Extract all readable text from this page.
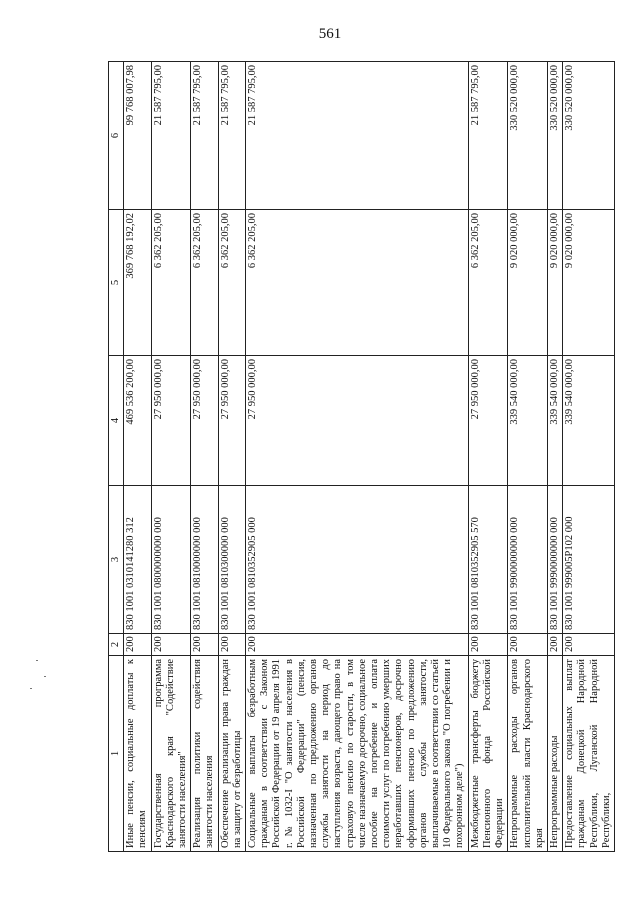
561
1	2	3	4	5	6
Иные пенсии, социальные доплаты к пенсиям	200	830 1001 0310141280 312	469 536 200,00	369 768 192,02	99 768 007,98
Государственная программа Краснодарского края "Содействие занятости населения"	200	830 1001 0800000000 000	27 950 000,00	6 362 205,00	21 587 795,00
Реализация политики содействия занятости населения	200	830 1001 0810000000 000	27 950 000,00	6 362 205,00	21 587 795,00
Обеспечение реализации права граждан на защиту от безработицы	200	830 1001 0810300000 000	27 950 000,00	6 362 205,00	21 587 795,00
Социальные выплаты безработным гражданам в соответствии с Законом Российской Федерации от 19 апреля 1991 г. № 1032-I "О занятости населения в Российской Федерации" (пенсия, назначенная по предложению органов службы занятости на период до наступления возраста, дающего право на страховую пенсию по старости, в том числе назначаемую досрочно, социальное пособие на погребение и оплата стоимости услуг по погребению умерших неработавших пенсионеров, досрочно оформивших пенсию по предложению органов службы занятости, выплачиваемые в соответствии со статьей 10 Федерального закона "О погребении и похоронном деле")	200	830 1001 0810352905 000	27 950 000,00	6 362 205,00	21 587 795,00
Межбюджетные трансферты бюджету Пенсионного фонда Российской Федерации	200	830 1001 0810352905 570	27 950 000,00	6 362 205,00	21 587 795,00
Непрограммные расходы органов исполнительной власти Краснодарского края	200	830 1001 9900000000 000	339 540 000,00	9 020 000,00	330 520 000,00
Непрограммные расходы	200	830 1001 9990000000 000	339 540 000,00	9 020 000,00	330 520 000,00
Предоставление социальных выплат гражданам Донецкой Народной Республики, Луганской Народной Республики,	200	830 1001 999005P102 000	339 540 000,00	9 020 000,00	330 520 000,00
